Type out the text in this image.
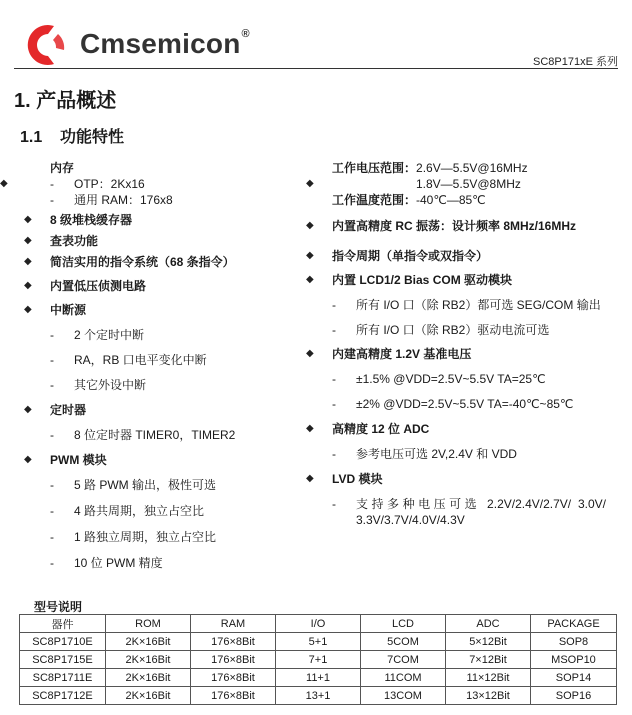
Cmsemicon®
SC8P171xE 系列
1. 产品概述
1.1 功能特性
内存
◆	- OTP：2Kx16
- 通用 RAM：176x8
◆ 8 级堆栈缓存器
◆ 查表功能
◆ 简洁实用的指令系统（68 条指令）
◆ 内置低压侦测电路
◆ 中断源
- 2 个定时中断
- RA，RB 口电平变化中断
- 其它外设中断
◆ 定时器
- 8 位定时器 TIMER0，TIMER2
◆ PWM 模块
- 5 路 PWM 输出，极性可选
- 4 路共周期，独立占空比
- 1 路独立周期，独立占空比
- 10 位 PWM 精度
工作电压范围：2.6V—5.5V@16MHz
◆	1.8V—5.5V@8MHz
工作温度范围：-40℃—85℃
◆ 内置高精度 RC 振荡：设计频率 8MHz/16MHz
◆ 指令周期（单指令或双指令）
◆ 内置 LCD1/2 Bias COM 驱动模块
- 所有 I/O 口（除 RB2）都可选 SEG/COM 输出
- 所有 I/O 口（除 RB2）驱动电流可选
◆ 内建高精度 1.2V 基准电压
- ±1.5% @VDD=2.5V~5.5V TA=25℃
- ±2% @VDD=2.5V~5.5V TA=-40℃~85℃
◆ 高精度 12 位 ADC
- 参考电压可选 2V,2.4V 和 VDD
◆ LVD 模块
- 支持多种电压可选 2.2V/2.4V/2.7V/ 3.0V/ 3.3V/3.7V/4.0V/4.3V
型号说明
器件	ROM	RAM	I/O	LCD	ADC	PACKAGE
SC8P1710E	2K×16Bit	176×8Bit	5+1	5COM	5×12Bit	SOP8
SC8P1715E	2K×16Bit	176×8Bit	7+1	7COM	7×12Bit	MSOP10
SC8P1711E	2K×16Bit	176×8Bit	11+1	11COM	11×12Bit	SOP14
SC8P1712E	2K×16Bit	176×8Bit	13+1	13COM	13×12Bit	SOP16
